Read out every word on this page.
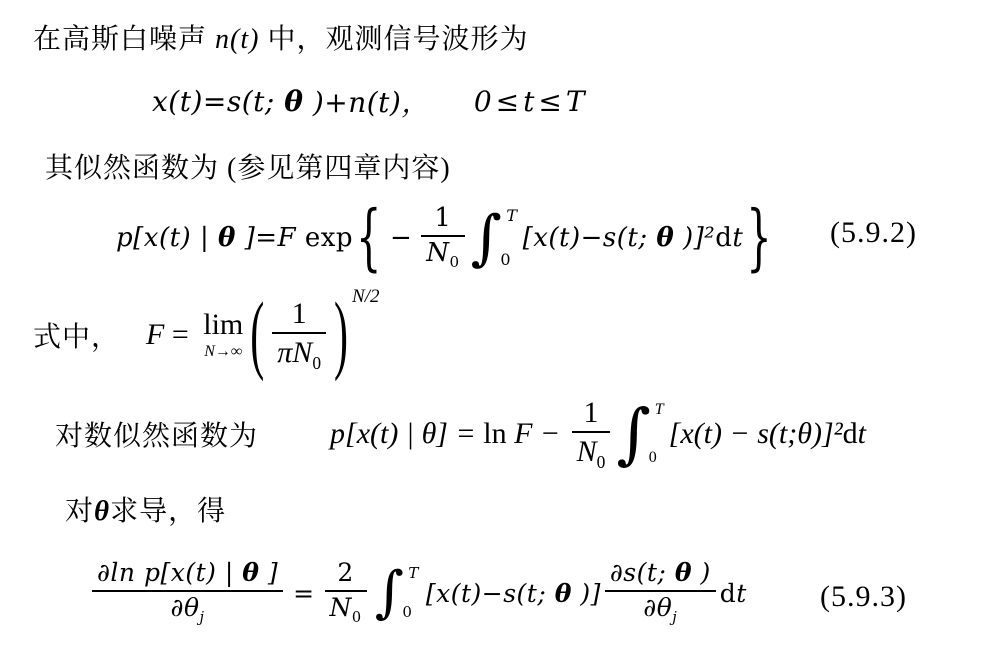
在高斯白噪声 n(t) 中，观测信号波形为
x(t)=s(t; θ )+n(t)， 0≤t≤T
其似然函数为 (参见第四章内容)
p[x(t) | θ ]=F exp { − $\frac{1}{N_0}$ ∫ T
0
[x(t)−s(t; θ )]² d t } (5.9.2)
式中， F = lim
N→∞ ( $\frac{1}{\pi N_0}$ ) N/2
对数似然函数为 p[x(t) | $\theta] = \ln F - \frac{1}{N_0}$ ∫ T
0
[x(t) − s(t;θ)]² d t
对θ求导，得
$\frac{\text{∂ln p[x(t) | θ ]}}{\partial\theta_j} = \frac{2}{N_0}$ ∫ T
0
[x(t)−s(t; θ )] $\frac{\partial s(t; \theta )}{\partial\theta_j}$ d t (5.9.3)
